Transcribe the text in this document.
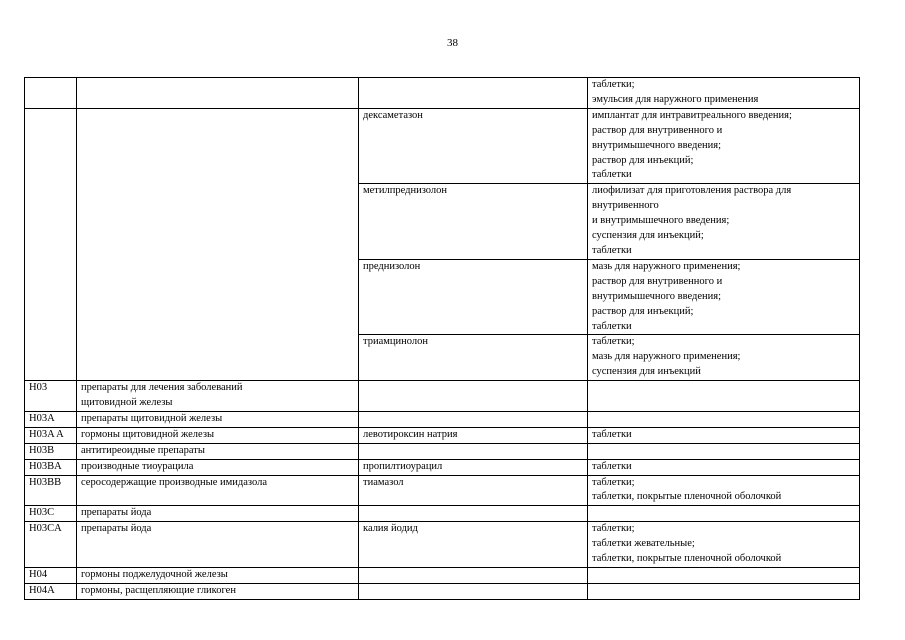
38

			таблетки;
эмульсия для наружного применения

		дексаметазон	имплантат для интравитреального введения;
раствор для внутривенного и
внутримышечного введения;
раствор для инъекций;
таблетки

		метилпреднизолон	лиофилизат для приготовления раствора для
внутривенного
и внутримышечного введения;
суспензия для инъекций;
таблетки

		преднизолон	мазь для наружного применения;
раствор для внутривенного и
внутримышечного введения;
раствор для инъекций;
таблетки

		триамцинолон	таблетки;
мазь для наружного применения;
суспензия для инъекций

H03	препараты для лечения заболеваний
щитовидной железы		

H03A	препараты щитовидной железы		

H03A A	гормоны щитовидной железы	левотироксин натрия	таблетки

H03B	антитиреоидные препараты		

H03BA	производные тиоурацила	пропилтиоурацил	таблетки

H03BB	серосодержащие производные имидазола	тиамазол	таблетки;
таблетки, покрытые пленочной оболочкой

H03C	препараты йода		

H03CA	препараты йода	калия йодид	таблетки;
таблетки жевательные;
таблетки, покрытые пленочной оболочкой

H04	гормоны поджелудочной железы		

H04A	гормоны, расщепляющие гликоген		
